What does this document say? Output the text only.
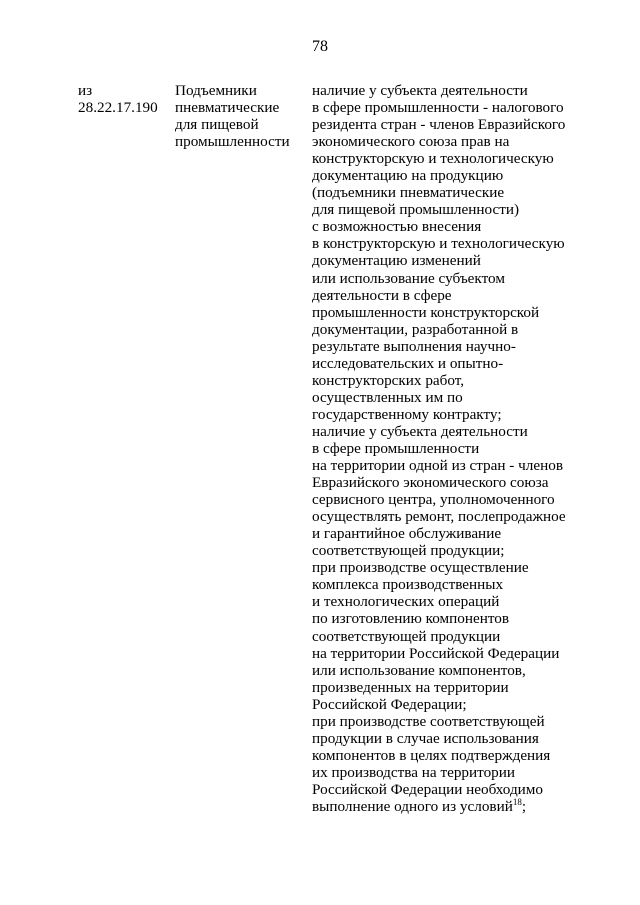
78
из
28.22.17.190
Подъемники
пневматические
для пищевой
промышленности
наличие у субъекта деятельности
в сфере промышленности - налогового
резидента стран - членов Евразийского
экономического союза прав на
конструкторскую и технологическую
документацию на продукцию
(подъемники пневматические
для пищевой промышленности)
с возможностью внесения
в конструкторскую и технологическую
документацию изменений
или использование субъектом
деятельности в сфере
промышленности конструкторской
документации, разработанной в
результате выполнения научно-
исследовательских и опытно-
конструкторских работ,
осуществленных им по
государственному контракту;
наличие у субъекта деятельности
в сфере промышленности
на территории одной из стран - членов
Евразийского экономического союза
сервисного центра, уполномоченного
осуществлять ремонт, послепродажное
и гарантийное обслуживание
соответствующей продукции;
при производстве осуществление
комплекса производственных
и технологических операций
по изготовлению компонентов
соответствующей продукции
на территории Российской Федерации
или использование компонентов,
произведенных на территории
Российской Федерации;
при производстве соответствующей
продукции в случае использования
компонентов в целях подтверждения
их производства на территории
Российской Федерации необходимо
выполнение одного из условий$^{18}$;
